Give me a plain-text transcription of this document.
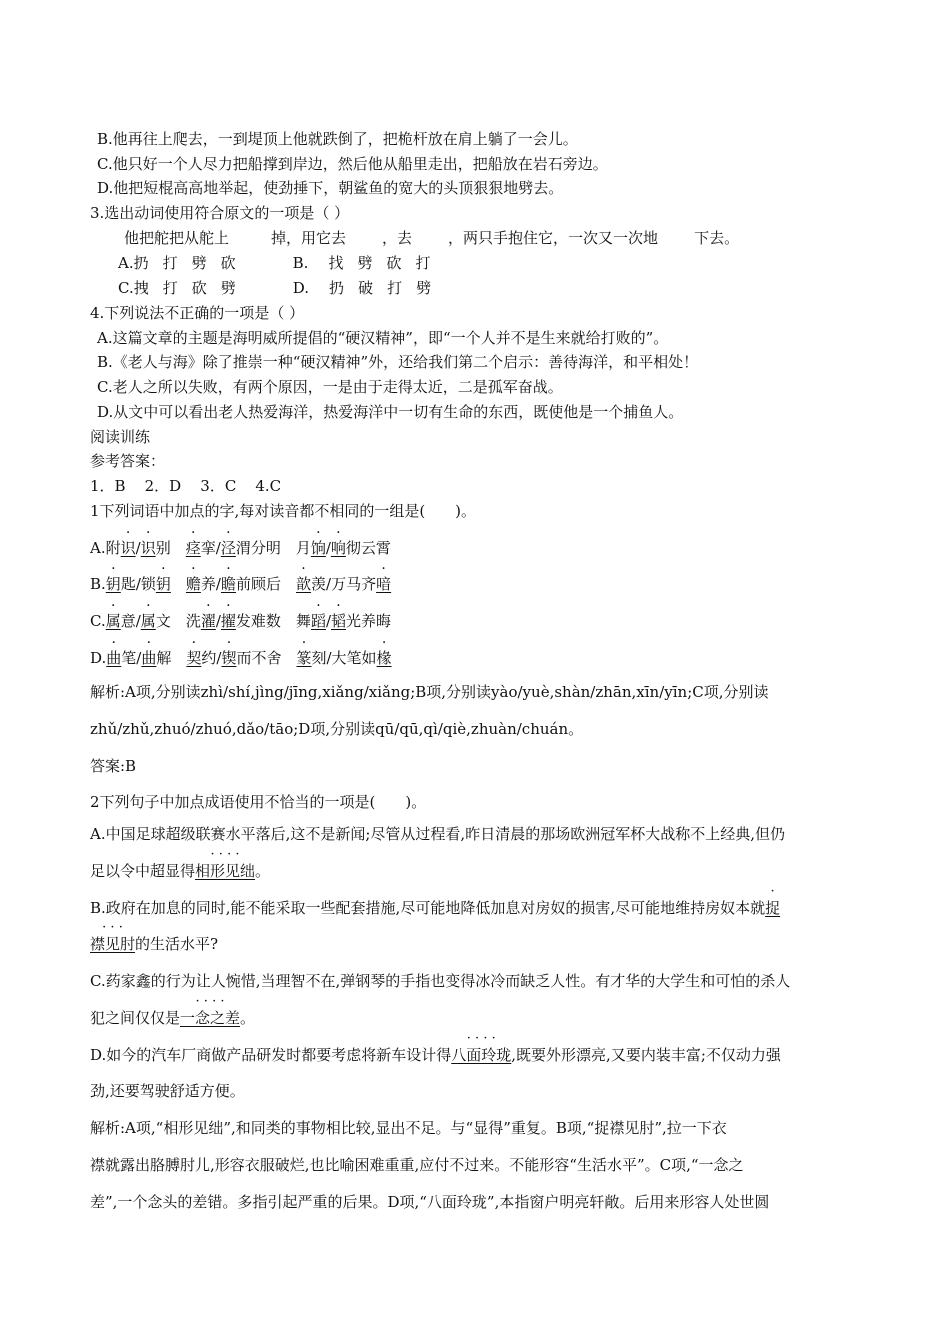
B.他再往上爬去，一到堤顶上他就跌倒了，把桅杆放在肩上躺了一会儿。
C.他只好一个人尽力把船撑到岸边，然后他从船里走出，把船放在岩石旁边。
D.他把短棍高高地举起，使劲捶下，朝鲨鱼的宽大的头顶狠狠地劈去。
3.选出动词使用符合原文的一项是（ ）
他把舵把从舵上	掉，用它去 ，去 ，两只手抱住它，一次又一次地 下去。
A.扔 打 劈 砍	B. 找 劈 砍 打
C.拽 打 砍 劈	D. 扔 破 打 劈
4.下列说法不正确的一项是（ ）
A.这篇文章的主题是海明威所提倡的“硬汉精神”，即“一个人并不是生来就给打败的”。
B.《老人与海》除了推崇一种“硬汉精神”外，还给我们第二个启示：善待海洋，和平相处！
C.老人之所以失败，有两个原因，一是由于走得太近，二是孤军奋战。
D.从文中可以看出老人热爱海洋，热爱海洋中一切有生命的东西，既使他是一个捕鱼人。
阅读训练
参考答案：
1．B    2．D    3．C    4.C
1下列词语中加点的字,每对读音都不相同的一组是(　　)。
A.附识/识别　痉挛/泾渭分明　月饷/响彻云霄
B.钥匙/锁钥　 赡养/瞻前顾后　歆羡/万马齐喑
C.属意/属文　洗濯/擢发难数　舞蹈/韬光养晦
D.曲笔/曲解　契约/锲而不舍　篆刻/大笔如椽
解析:A项,分别读zhì/shí,jìng/jīng,xiǎng/xiǎng;B项,分别读yào/yuè,shàn/zhān,xīn/yīn;C项,分别读
zhǔ/zhǔ,zhuó/zhuó,dǎo/tāo;D项,分别读qū/qū,qì/qiè,zhuàn/chuán。
答案:B
2下列句子中加点成语使用不恰当的一项是(　　)。
A.中国足球超级联赛水平落后,这不是新闻;尽管从过程看,昨日清晨的那场欧洲冠军杯大战称不上经典,但仍
足以令中超显得· · · · 相形见绌。
B.政府在加息的同时,能不能采取一些配套措施,尽可能地降低加息对房奴的损害,尽可能地维持房奴本就捉
· · · 襟见肘的生活水平?
C.药家鑫的行为让人惋惜,当理智不在,弹钢琴的手指也变得冰冷而缺乏人性。有才华的大学生和可怕的杀人
犯之间仅仅是· · · · 一念之差。
D.如今的汽车厂商做产品研发时都要考虑将新车设计得· · · · 八面玲珑,既要外形漂亮,又要内装丰富;不仅动力强
劲,还要驾驶舒适方便。
解析:A项,“相形见绌”,和同类的事物相比较,显出不足。与“显得”重复。B项,“捉襟见肘”,拉一下衣
襟就露出胳膊肘儿,形容衣服破烂,也比喻困难重重,应付不过来。不能形容“生活水平”。C项,“一念之
差”,一个念头的差错。多指引起严重的后果。D项,“八面玲珑”,本指窗户明亮轩敞。后用来形容人处世圆
